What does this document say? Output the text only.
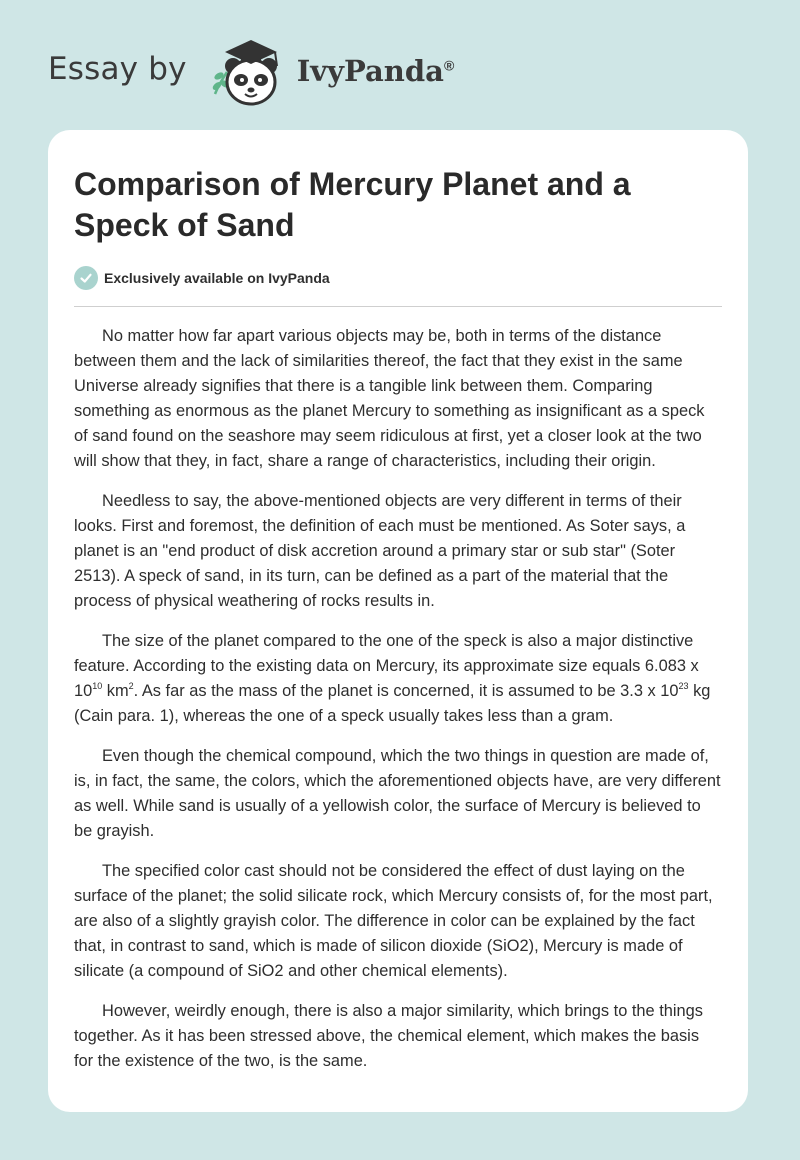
Essay by	IvyPanda®
Comparison of Mercury Planet and a Speck of Sand
Exclusively available on IvyPanda

No matter how far apart various objects may be, both in terms of the distance between them and the lack of similarities thereof, the fact that they exist in the same Universe already signifies that there is a tangible link between them. Comparing something as enormous as the planet Mercury to something as insignificant as a speck of sand found on the seashore may seem ridiculous at first, yet a closer look at the two will show that they, in fact, share a range of characteristics, including their origin.

Needless to say, the above-mentioned objects are very different in terms of their looks. First and foremost, the definition of each must be mentioned. As Soter says, a planet is an "end product of disk accretion around a primary star or sub star" (Soter 2513). A speck of sand, in its turn, can be defined as a part of the material that the process of physical weathering of rocks results in.

The size of the planet compared to the one of the speck is also a major distinctive feature. According to the existing data on Mercury, its approximate size equals 6.083 x $10^{10}$ $km^2$. As far as the mass of the planet is concerned, it is assumed to be 3.3 x $10^{23}$ kg (Cain para. 1), whereas the one of a speck usually takes less than a gram.

Even though the chemical compound, which the two things in question are made of, is, in fact, the same, the colors, which the aforementioned objects have, are very different as well. While sand is usually of a yellowish color, the surface of Mercury is believed to be grayish.

The specified color cast should not be considered the effect of dust laying on the surface of the planet; the solid silicate rock, which Mercury consists of, for the most part, are also of a slightly grayish color. The difference in color can be explained by the fact that, in contrast to sand, which is made of silicon dioxide (SiO2), Mercury is made of silicate (a compound of SiO2 and other chemical elements).

However, weirdly enough, there is also a major similarity, which brings to the things together. As it has been stressed above, the chemical element, which makes the basis for the existence of the two, is the same.
